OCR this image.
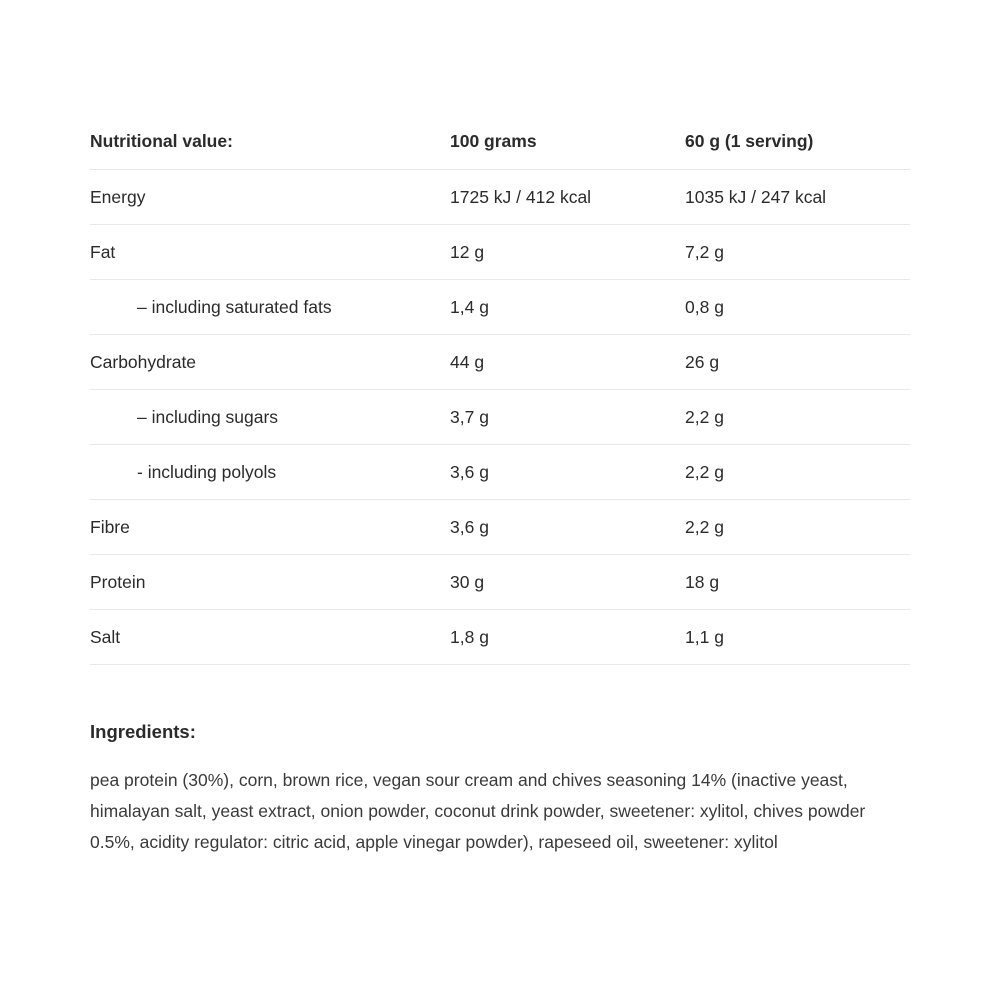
Nutritional value:	100 grams	60 g (1 serving)
Energy	1725 kJ / 412 kcal	1035 kJ / 247 kcal
Fat	12 g	7,2 g
– including saturated fats	1,4 g	0,8 g
Carbohydrate	44 g	26 g
– including sugars	3,7 g	2,2 g
- including polyols	3,6 g	2,2 g
Fibre	3,6 g	2,2 g
Protein	30 g	18 g
Salt	1,8 g	1,1 g
Ingredients:
pea protein (30%), corn, brown rice, vegan sour cream and chives seasoning 14% (inactive yeast, himalayan salt, yeast extract, onion powder, coconut drink powder, sweetener: xylitol, chives powder 0.5%, acidity regulator: citric acid, apple vinegar powder), rapeseed oil, sweetener: xylitol
